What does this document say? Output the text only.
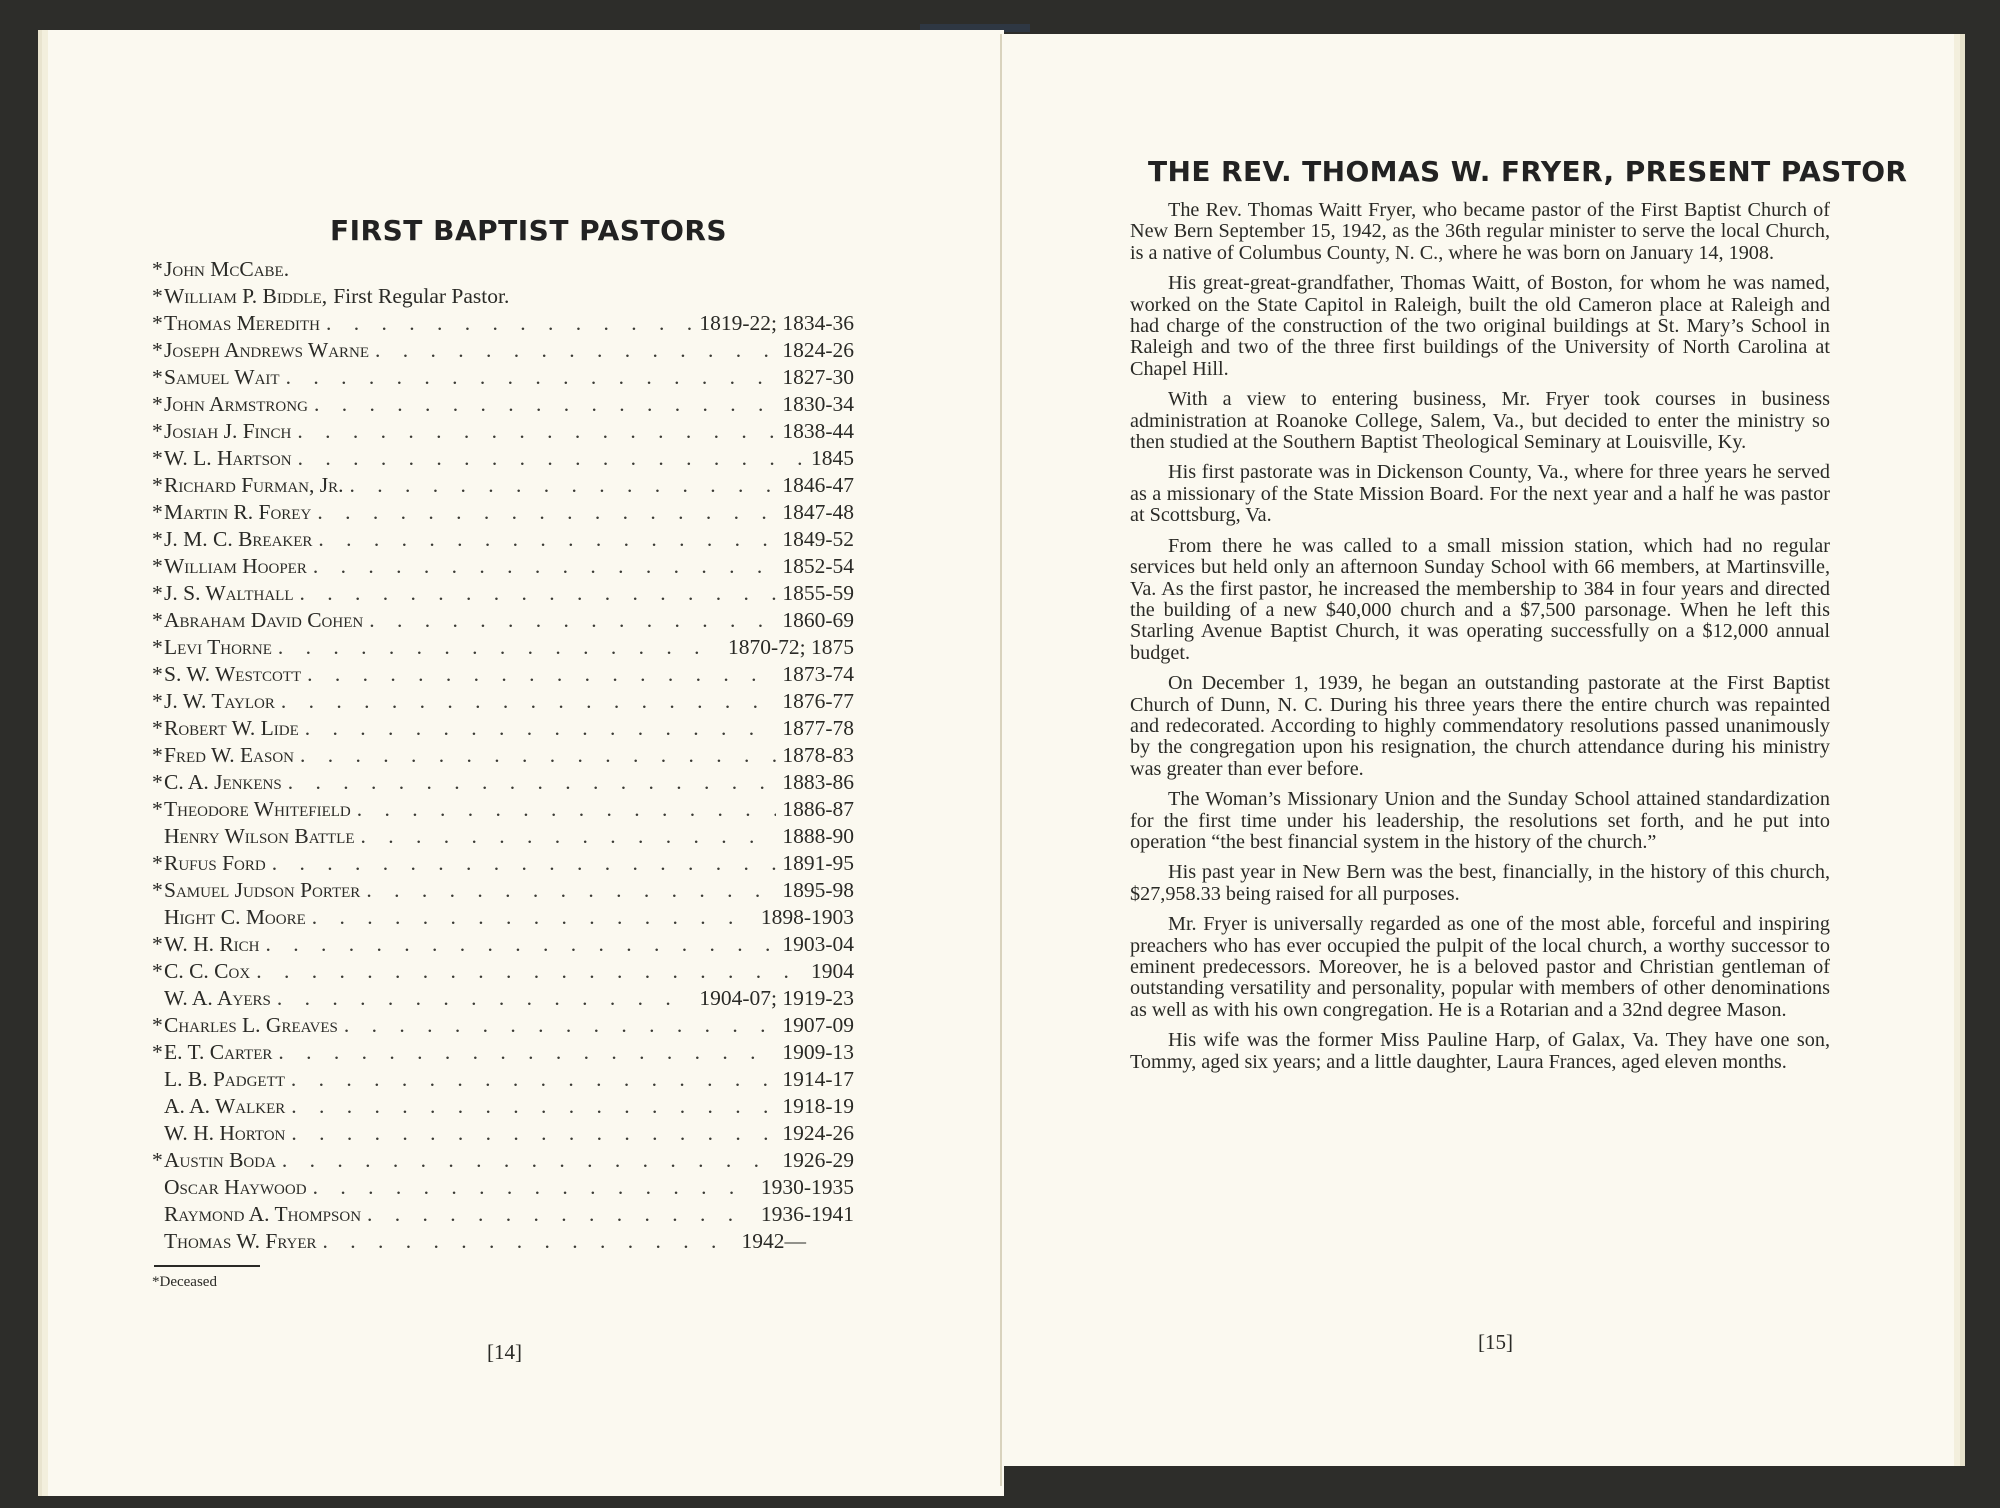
FIRST BAPTIST PASTORS
* John McCabe.
* William P. Biddle, First Regular Pastor.
* Thomas Meredith . . .	1819-22; 1834-36
* Joseph Andrews Warne . . .	1824-26
* Samuel Wait . . .	1827-30
* John Armstrong . . .	1830-34
* Josiah J. Finch . . .	1838-44
* W. L. Hartson . . .	1845
* Richard Furman, Jr. . . .	1846-47
* Martin R. Forey . . .	1847-48
* J. M. C. Breaker . . .	1849-52
* William Hooper . . .	1852-54
* J. S. Walthall . . .	1855-59
* Abraham David Cohen . . .	1860-69
* Levi Thorne . . .	1870-72; 1875
* S. W. Westcott . . .	1873-74
* J. W. Taylor . . .	1876-77
* Robert W. Lide . . .	1877-78
* Fred W. Eason . . .	1878-83
* C. A. Jenkens . . .	1883-86
* Theodore Whitefield . . .	1886-87
Henry Wilson Battle . . .	1888-90
* Rufus Ford . . .	1891-95
* Samuel Judson Porter . . .	1895-98
Hight C. Moore . . .	1898-1903
* W. H. Rich . . .	1903-04
* C. C. Cox . . .	1904
W. A. Ayers . . .	1904-07; 1919-23
* Charles L. Greaves . . .	1907-09
* E. T. Carter . . .	1909-13
L. B. Padgett . . .	1914-17
A. A. Walker . . .	1918-19
W. H. Horton . . .	1924-26
* Austin Boda . . .	1926-29
Oscar Haywood . . .	1930-1935
Raymond A. Thompson . . .	1936-1941
Thomas W. Fryer . . .	1942—
*Deceased
[14]
THE REV. THOMAS W. FRYER, PRESENT PASTOR

The Rev. Thomas Waitt Fryer, who became pastor of the First Baptist Church of New Bern September 15, 1942, as the 36th regular minister to serve the local Church, is a native of Columbus County, N. C., where he was born on January 14, 1908.

His great-great-grandfather, Thomas Waitt, of Boston, for whom he was named, worked on the State Capitol in Raleigh, built the old Cameron place at Raleigh and had charge of the construction of the two original buildings at St. Mary’s School in Raleigh and two of the three first buildings of the University of North Carolina at Chapel Hill.

With a view to entering business, Mr. Fryer took courses in business administration at Roanoke College, Salem, Va., but decided to enter the ministry so then studied at the Southern Baptist Theological Seminary at Louisville, Ky.

His first pastorate was in Dickenson County, Va., where for three years he served as a missionary of the State Mission Board. For the next year and a half he was pastor at Scottsburg, Va.

From there he was called to a small mission station, which had no regular services but held only an afternoon Sunday School with 66 members, at Martinsville, Va. As the first pastor, he increased the membership to 384 in four years and directed the building of a new $40,000 church and a $7,500 parsonage. When he left this Starling Avenue Baptist Church, it was operating successfully on a $12,000 annual budget.

On December 1, 1939, he began an outstanding pastorate at the First Baptist Church of Dunn, N. C. During his three years there the entire church was repainted and redecorated. According to highly commendatory resolutions passed unanimously by the congregation upon his resignation, the church attendance during his ministry was greater than ever before.

The Woman’s Missionary Union and the Sunday School attained standardization for the first time under his leadership, the resolutions set forth, and he put into operation “the best financial system in the history of the church.”

His past year in New Bern was the best, financially, in the history of this church, $27,958.33 being raised for all purposes.

Mr. Fryer is universally regarded as one of the most able, forceful and inspiring preachers who has ever occupied the pulpit of the local church, a worthy successor to eminent predecessors. Moreover, he is a beloved pastor and Christian gentleman of outstanding versatility and personality, popular with members of other denominations as well as with his own congregation. He is a Rotarian and a 32nd degree Mason.

His wife was the former Miss Pauline Harp, of Galax, Va. They have one son, Tommy, aged six years; and a little daughter, Laura Frances, aged eleven months.

[15]
